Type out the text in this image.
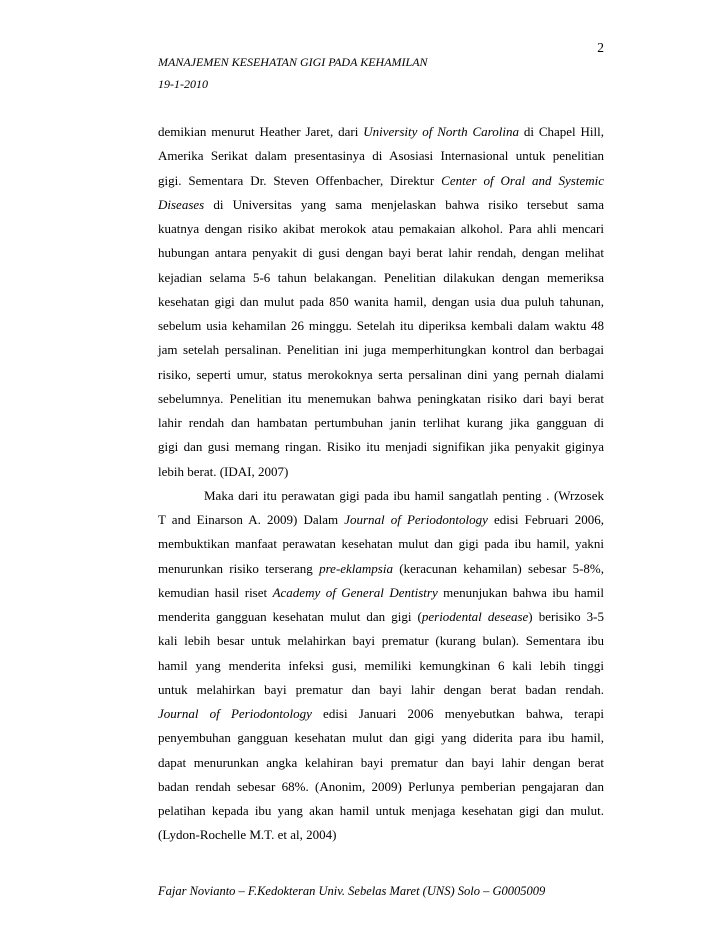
2
MANAJEMEN KESEHATAN GIGI PADA KEHAMILAN
19-1-2010
demikian menurut Heather Jaret, dari University of North Carolina di Chapel Hill,
Amerika Serikat dalam presentasinya di Asosiasi Internasional untuk penelitian
gigi. Sementara Dr. Steven Offenbacher, Direktur Center of Oral and Systemic
Diseases di Universitas yang sama menjelaskan bahwa risiko tersebut sama
kuatnya dengan risiko akibat merokok atau pemakaian alkohol. Para ahli mencari
hubungan antara penyakit di gusi dengan bayi berat lahir rendah, dengan melihat
kejadian selama 5-6 tahun belakangan. Penelitian dilakukan dengan memeriksa
kesehatan gigi dan mulut pada 850 wanita hamil, dengan usia dua puluh tahunan,
sebelum usia kehamilan 26 minggu. Setelah itu diperiksa kembali dalam waktu 48
jam setelah persalinan. Penelitian ini juga memperhitungkan kontrol dan berbagai
risiko, seperti umur, status merokoknya serta persalinan dini yang pernah dialami
sebelumnya. Penelitian itu menemukan bahwa peningkatan risiko dari bayi berat
lahir rendah dan hambatan pertumbuhan janin terlihat kurang jika gangguan di
gigi dan gusi memang ringan. Risiko itu menjadi signifikan jika penyakit giginya
lebih berat. (IDAI, 2007)
Maka dari itu perawatan gigi pada ibu hamil sangatlah penting . (Wrzosek
T and Einarson A. 2009) Dalam Journal of Periodontology edisi Februari 2006,
membuktikan manfaat perawatan kesehatan mulut dan gigi pada ibu hamil, yakni
menurunkan risiko terserang pre-eklampsia (keracunan kehamilan) sebesar 5-8%,
kemudian hasil riset Academy of General Dentistry menunjukan bahwa ibu hamil
menderita gangguan kesehatan mulut dan gigi (periodental desease) berisiko 3-5
kali lebih besar untuk melahirkan bayi prematur (kurang bulan). Sementara ibu
hamil yang menderita infeksi gusi, memiliki kemungkinan 6 kali lebih tinggi
untuk melahirkan bayi prematur dan bayi lahir dengan berat badan rendah.
Journal of Periodontology edisi Januari 2006 menyebutkan bahwa, terapi
penyembuhan gangguan kesehatan mulut dan gigi yang diderita para ibu hamil,
dapat menurunkan angka kelahiran bayi prematur dan bayi lahir dengan berat
badan rendah sebesar 68%. (Anonim, 2009) Perlunya pemberian pengajaran dan
pelatihan kepada ibu yang akan hamil untuk menjaga kesehatan gigi dan mulut.
(Lydon-Rochelle M.T. et al, 2004)
Fajar Novianto – F.Kedokteran Univ. Sebelas Maret (UNS) Solo – G0005009
